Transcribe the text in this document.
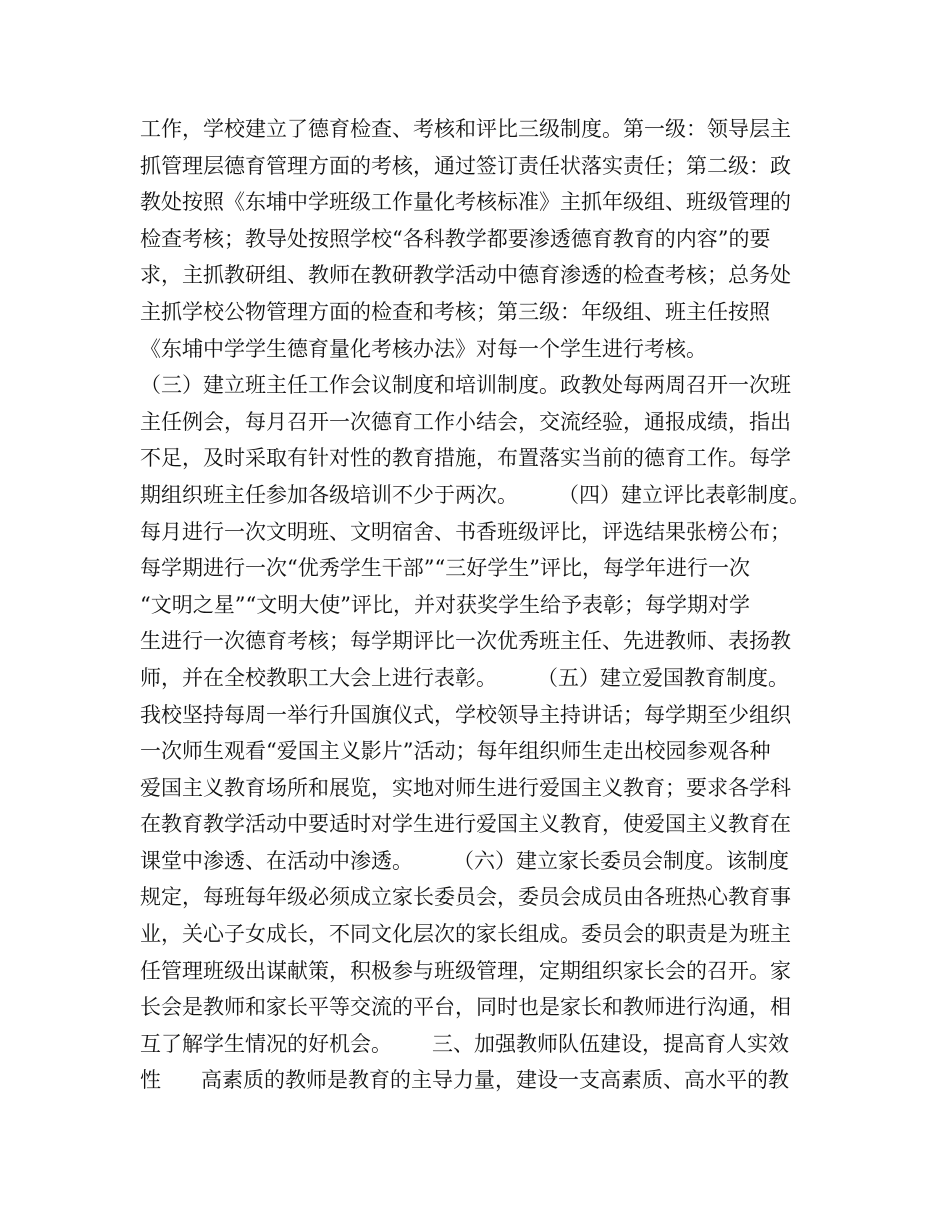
工作，学校建立了德育检查、考核和评比三级制度。第一级：领导层主
抓管理层德育管理方面的考核，通过签订责任状落实责任；第二级：政
教处按照《东埔中学班级工作量化考核标准》主抓年级组、班级管理的
检查考核；教导处按照学校“各科教学都要渗透德育教育的内容”的要
求，主抓教研组、教师在教研教学活动中德育渗透的检查考核；总务处
主抓学校公物管理方面的检查和考核；第三级：年级组、班主任按照
《东埔中学学生德育量化考核办法》对每一个学生进行考核。
（三）建立班主任工作会议制度和培训制度。政教处每两周召开一次班
主任例会，每月召开一次德育工作小结会，交流经验，通报成绩，指出
不足，及时采取有针对性的教育措施，布置落实当前的德育工作。每学
期组织班主任参加各级培训不少于两次。      （四）建立评比表彰制度。
每月进行一次文明班、文明宿舍、书香班级评比，评选结果张榜公布；
每学期进行一次“优秀学生干部”“三好学生”评比，每学年进行一次
“文明之星”“文明大使”评比，并对获奖学生给予表彰；每学期对学
生进行一次德育考核；每学期评比一次优秀班主任、先进教师、表扬教
师，并在全校教职工大会上进行表彰。      （五）建立爱国教育制度。
我校坚持每周一举行升国旗仪式，学校领导主持讲话；每学期至少组织
一次师生观看“爱国主义影片”活动；每年组织师生走出校园参观各种
爱国主义教育场所和展览，实地对师生进行爱国主义教育；要求各学科
在教育教学活动中要适时对学生进行爱国主义教育，使爱国主义教育在
课堂中渗透、在活动中渗透。      （六）建立家长委员会制度。该制度
规定，每班每年级必须成立家长委员会，委员会成员由各班热心教育事
业，关心子女成长，不同文化层次的家长组成。委员会的职责是为班主
任管理班级出谋献策，积极参与班级管理，定期组织家长会的召开。家
长会是教师和家长平等交流的平台，同时也是家长和教师进行沟通，相
互了解学生情况的好机会。      三、加强教师队伍建设，提高育人实效
性      高素质的教师是教育的主导力量，建设一支高素质、高水平的教
